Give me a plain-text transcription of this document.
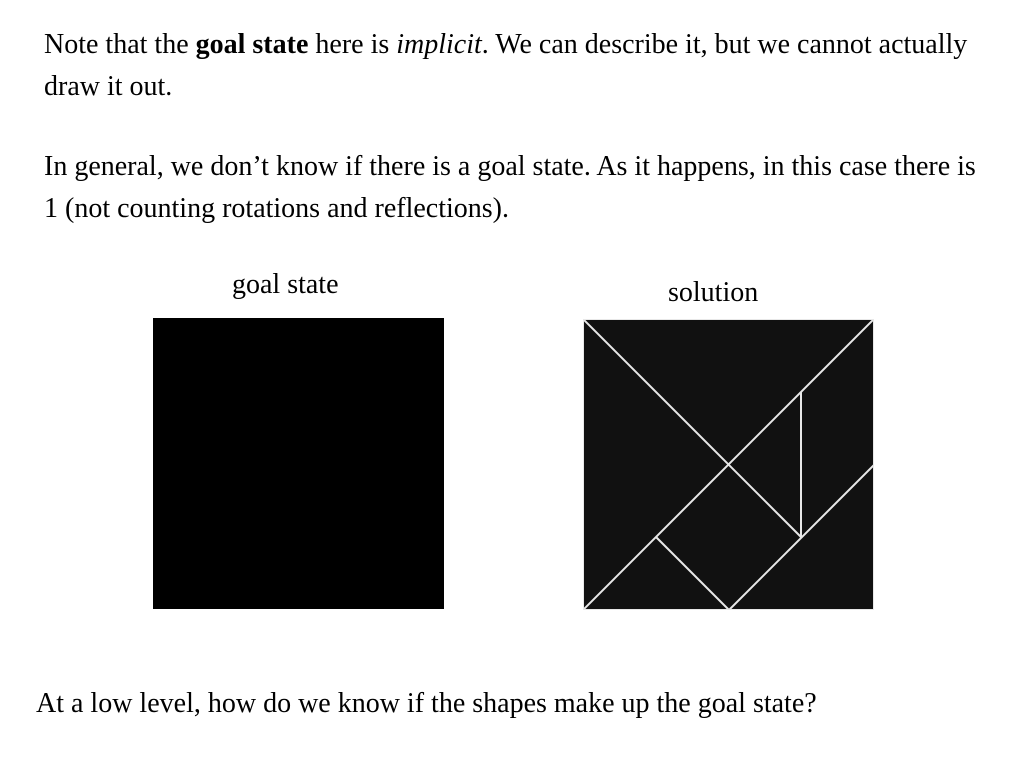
Note that the goal state here is implicit. We can describe it, but we cannot actually draw it out.

In general, we don’t know if there is a goal state. As it happens, in this case there is 1 (not counting rotations and reflections).

goal state	solution
At a low level, how do we know if the shapes make up the goal state?
